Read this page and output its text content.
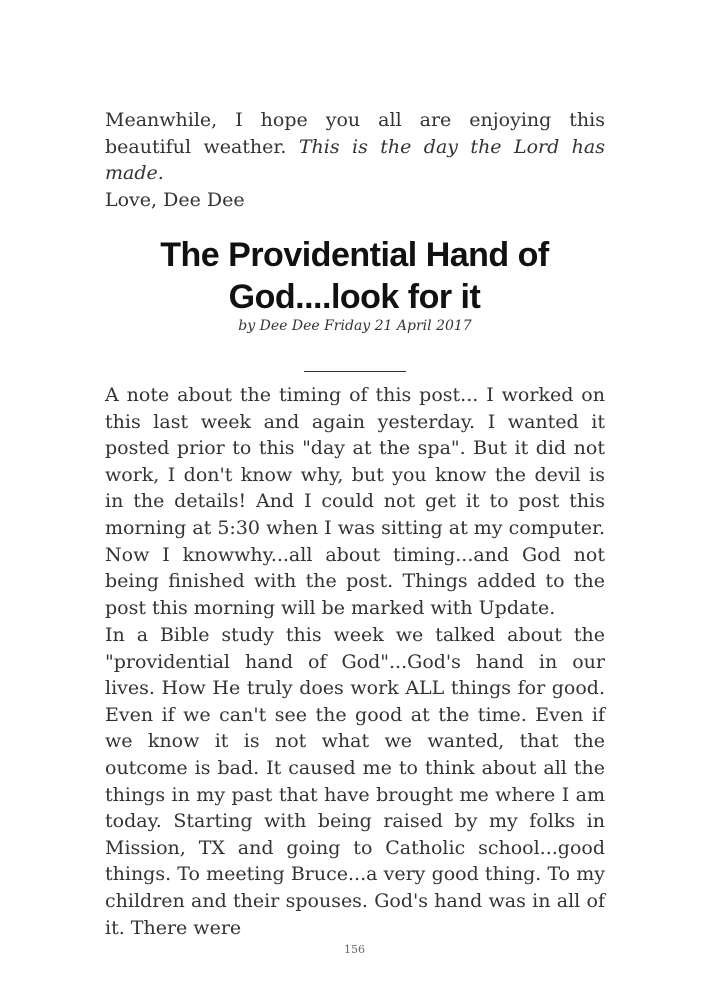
Meanwhile, I hope you all are enjoying this beautiful weather. This is the day the Lord has made.
Love, Dee Dee

The Providential Hand of God....look for it
by Dee Dee Friday 21 April 2017

A note about the timing of this post... I worked on this last week and again yesterday. I wanted it posted prior to this "day at the spa". But it did not work, I don't know why, but you know the devil is in the details! And I could not get it to post this morning at 5:30 when I was sitting at my computer. Now I knowwhy...all about timing...and God not being finished with the post. Things added to the post this morning will be marked with Update.

In a Bible study this week we talked about the "providential hand of God"...God's hand in our lives. How He truly does work ALL things for good. Even if we can't see the good at the time. Even if we know it is not what we wanted, that the outcome is bad. It caused me to think about all the things in my past that have brought me where I am today. Starting with being raised by my folks in Mission, TX and going to Catholic school...good things. To meeting Bruce...a very good thing. To my children and their spouses. God's hand was in all of it. There were

156
